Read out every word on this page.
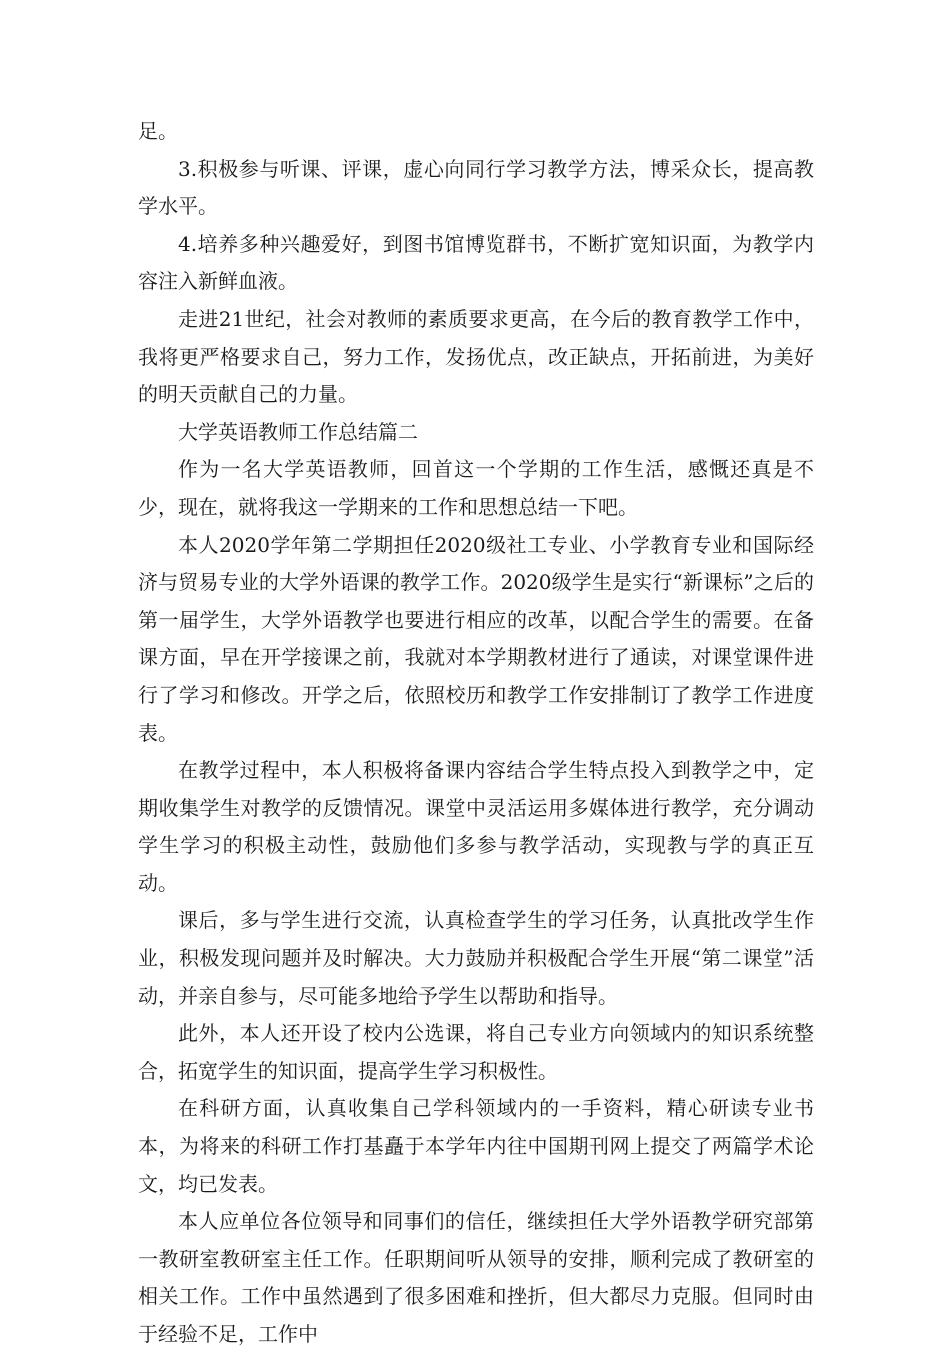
足。

3.积极参与听课、评课，虚心向同行学习教学方法，博采众长，提高教学水平。

4.培养多种兴趣爱好，到图书馆博览群书，不断扩宽知识面，为教学内容注入新鲜血液。

走进21世纪，社会对教师的素质要求更高，在今后的教育教学工作中，我将更严格要求自己，努力工作，发扬优点，改正缺点，开拓前进，为美好的明天贡献自己的力量。

大学英语教师工作总结篇二

作为一名大学英语教师，回首这一个学期的工作生活，感慨还真是不少，现在，就将我这一学期来的工作和思想总结一下吧。

本人2020学年第二学期担任2020级社工专业、小学教育专业和国际经济与贸易专业的大学外语课的教学工作。2020级学生是实行“新课标”之后的第一届学生，大学外语教学也要进行相应的改革，以配合学生的需要。在备课方面，早在开学接课之前，我就对本学期教材进行了通读，对课堂课件进行了学习和修改。开学之后，依照校历和教学工作安排制订了教学工作进度表。

在教学过程中，本人积极将备课内容结合学生特点投入到教学之中，定期收集学生对教学的反馈情况。课堂中灵活运用多媒体进行教学，充分调动学生学习的积极主动性，鼓励他们多参与教学活动，实现教与学的真正互动。

课后，多与学生进行交流，认真检查学生的学习任务，认真批改学生作业，积极发现问题并及时解决。大力鼓励并积极配合学生开展“第二课堂”活动，并亲自参与，尽可能多地给予学生以帮助和指导。

此外，本人还开设了校内公选课，将自己专业方向领域内的知识系统整合，拓宽学生的知识面，提高学生学习积极性。

在科研方面，认真收集自己学科领域内的一手资料，精心研读专业书本，为将来的科研工作打基矗于本学年内往中国期刊网上提交了两篇学术论文，均已发表。

本人应单位各位领导和同事们的信任，继续担任大学外语教学研究部第一教研室教研室主任工作。任职期间听从领导的安排，顺利完成了教研室的相关工作。工作中虽然遇到了很多困难和挫折，但大都尽力克服。但同时由于经验不足，工作中
